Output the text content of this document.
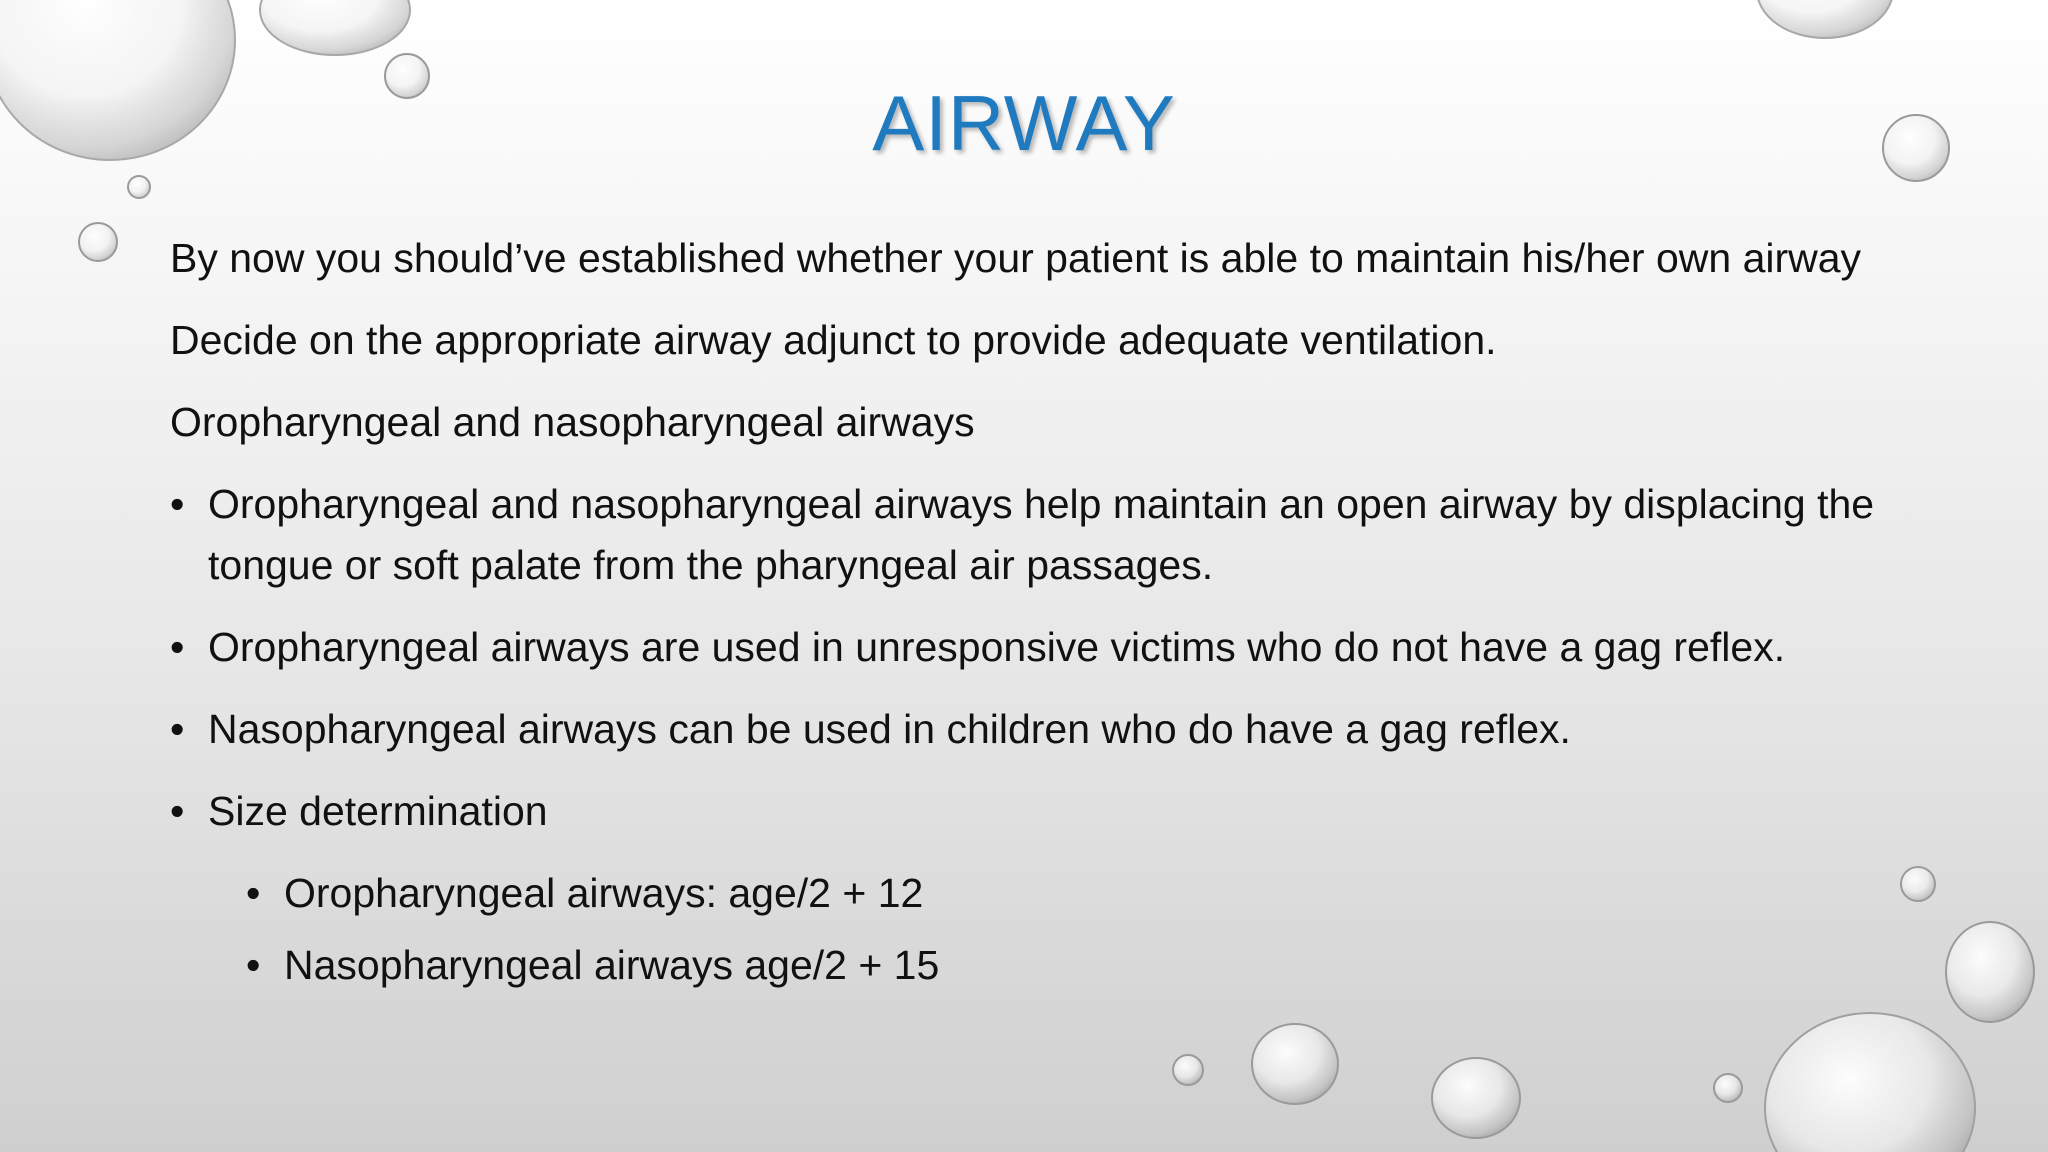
AIRWAY

By now you should’ve established whether your patient is able to maintain his/her own airway

Decide on the appropriate airway adjunct to provide adequate ventilation.

Oropharyngeal and nasopharyngeal airways

• Oropharyngeal and nasopharyngeal airways help maintain an open airway by displacing the tongue or soft palate from the pharyngeal air passages.
• Oropharyngeal airways are used in unresponsive victims who do not have a gag reflex.
• Nasopharyngeal airways can be used in children who do have a gag reflex.
• Size determination
• Oropharyngeal airways: age/2 + 12
• Nasopharyngeal airways age/2 + 15
